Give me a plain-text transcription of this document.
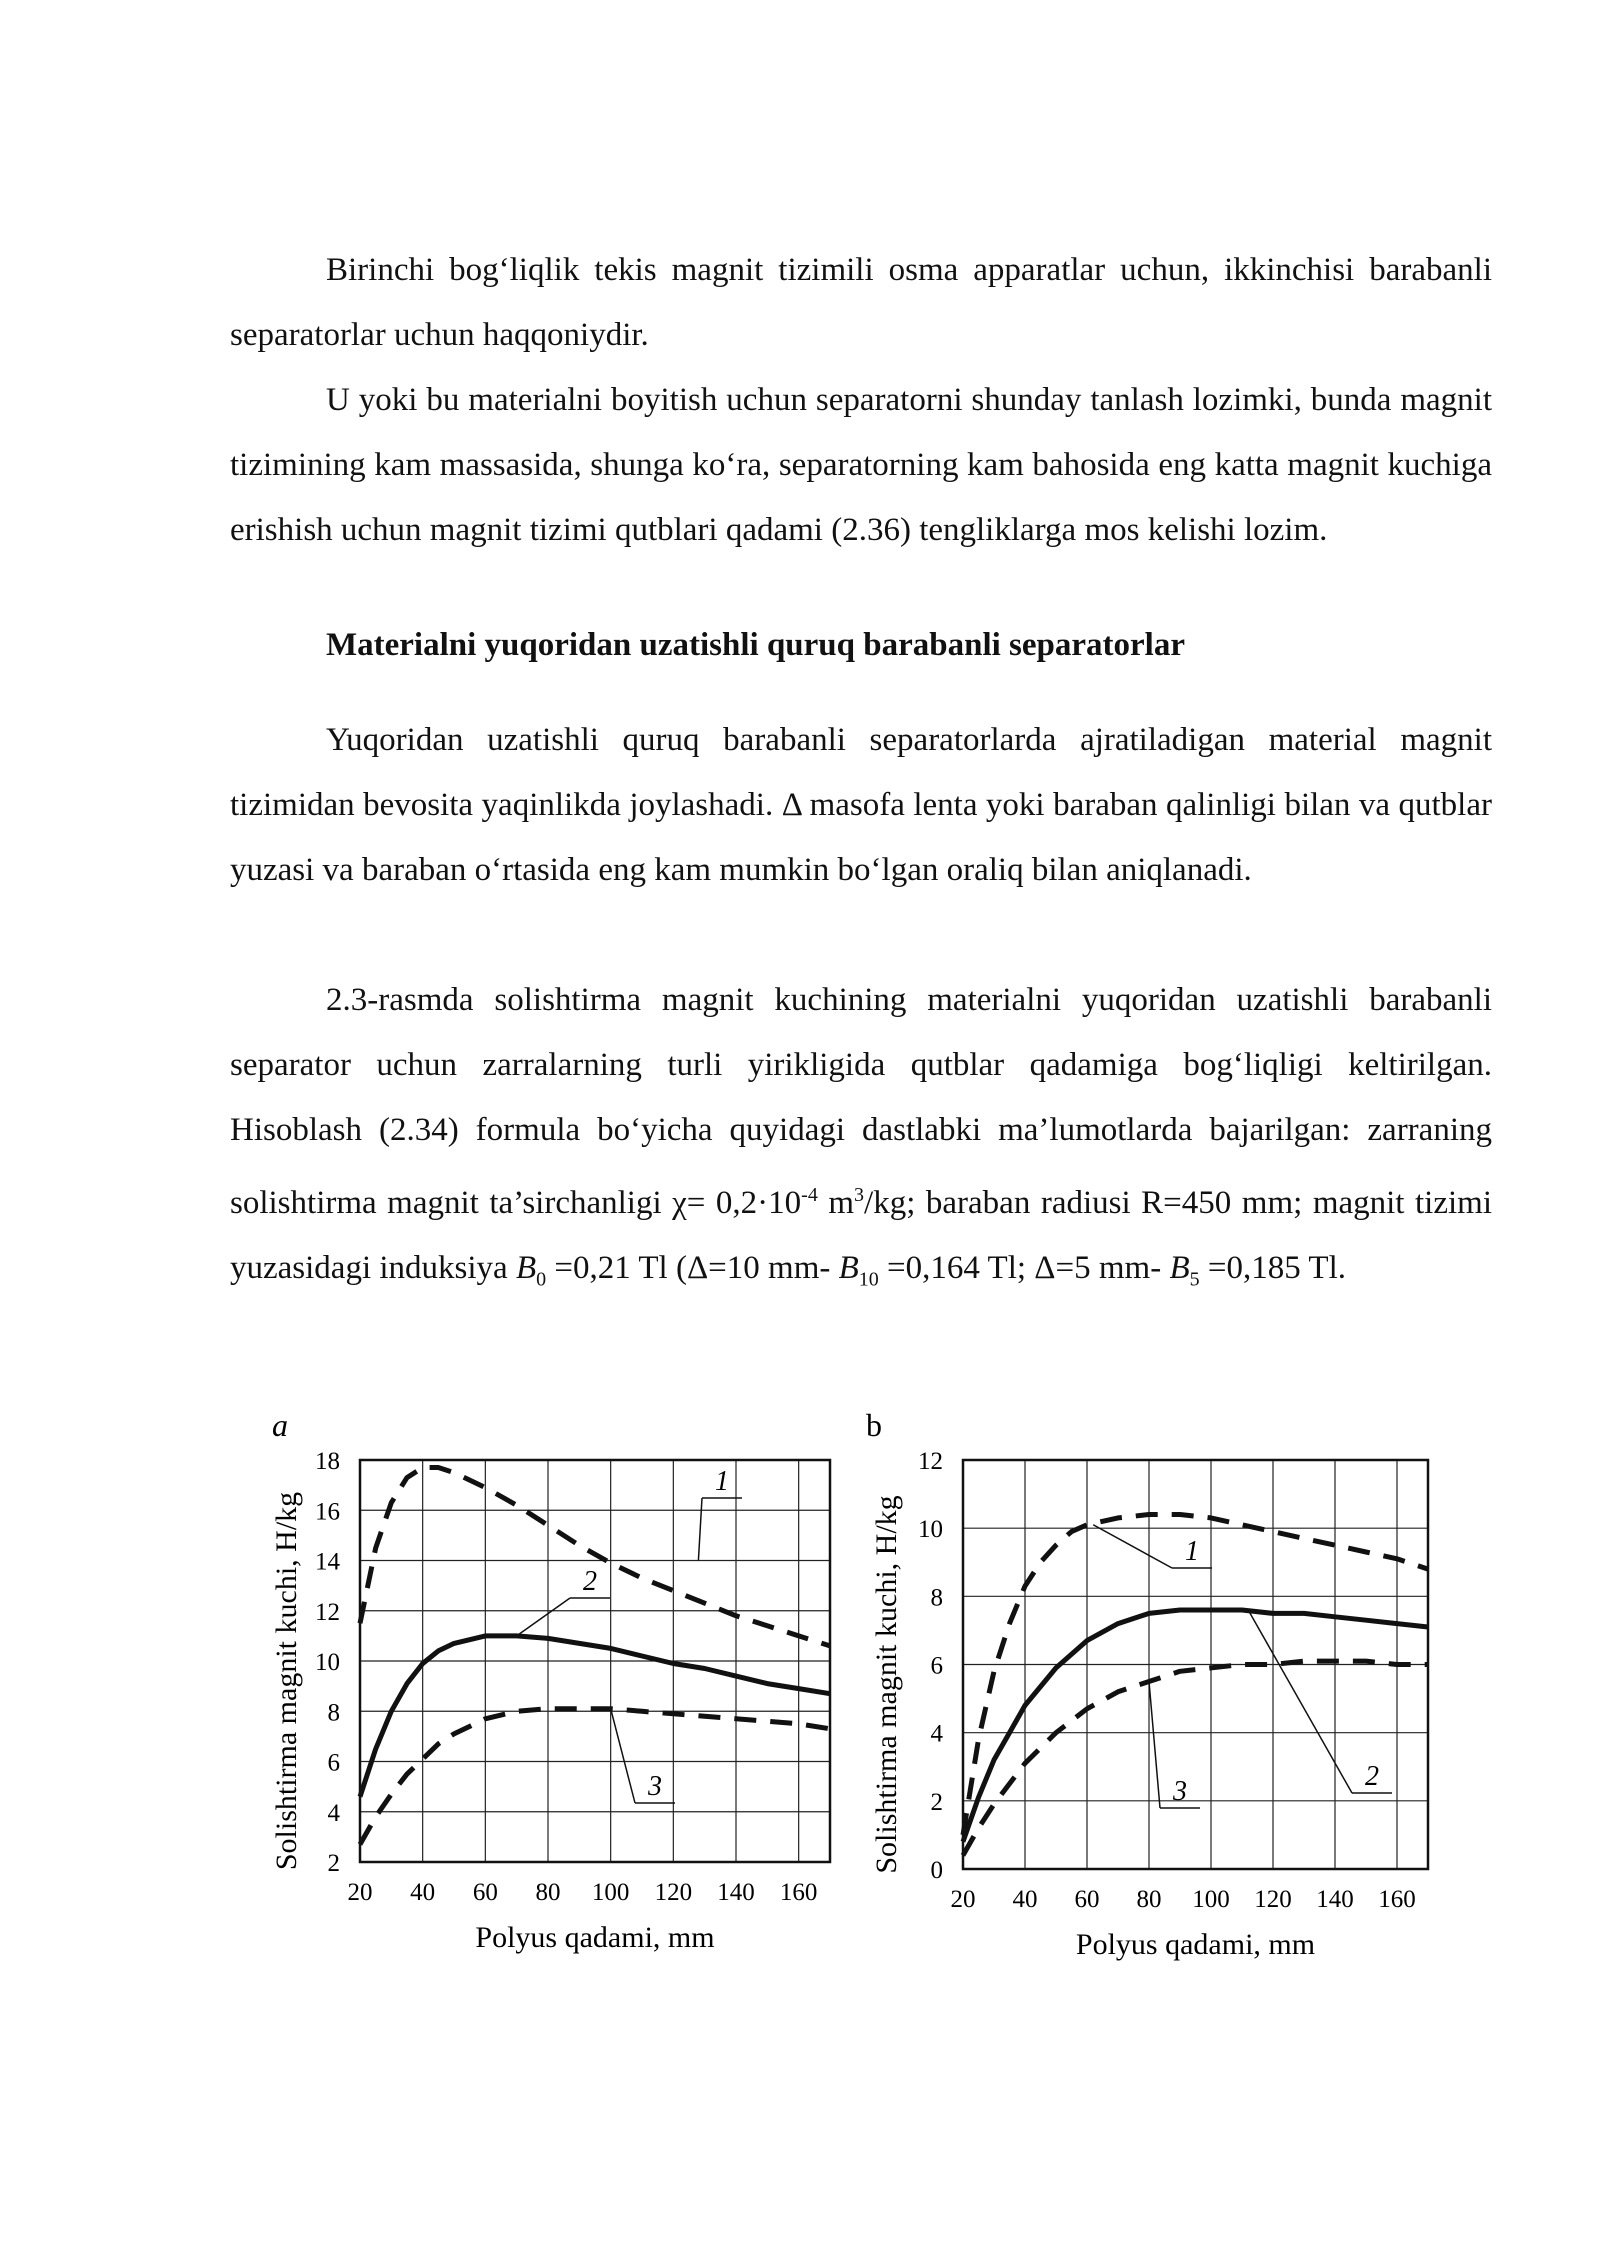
Birinchi bog‘liqlik tekis magnit tizimili osma apparatlar uchun, ikkinchisi barabanli separatorlar uchun haqqoniydir.

U yoki bu materialni boyitish uchun separatorni shunday tanlash lozimki, bunda magnit tizimining kam massasida, shunga ko‘ra, separatorning kam bahosida eng katta magnit kuchiga erishish uchun magnit tizimi qutblari qadami (2.36) tengliklarga mos kelishi lozim.

Materialni yuqoridan uzatishli quruq barabanli separatorlar

Yuqoridan uzatishli quruq barabanli separatorlarda ajratiladigan material magnit tizimidan bevosita yaqinlikda joylashadi. Δ masofa lenta yoki baraban qalinligi bilan va qutblar yuzasi va baraban o‘rtasida eng kam mumkin bo‘lgan oraliq bilan aniqlanadi.

2.3-rasmda solishtirma magnit kuchining materialni yuqoridan uzatishli barabanli separator uchun zarralarning turli yirikligida qutblar qadamiga bog‘liqligi keltirilgan. Hisoblash (2.34) formula bo‘yicha quyidagi dastlabki ma’lumotlarda bajarilgan: zarraning solishtirma magnit ta’sirchanligi $\chi= 0,2\cdot 10^{-4}$ $m^3/kg$; baraban radiusi R=450 mm; magnit tizimi yuzasidagi induksiya $B_0 =0,21$ Tl (Δ=10 mm- $B_{10} =0,164$ Tl; Δ=5 mm- $B_5 =0,185$ Tl.

20 40 60 80 100 120 140 160
2
4
6
8
10
12
14
16
18
Polyus qadami, mm
Solishtirma magnit kuchi, H/kg
a
1
2
3
20 40 60 80 100 120 140 160
0
2
4
6
8
10
12
Polyus qadami, mm
Solishtirma magnit kuchi, H/kg
b
1
2
3
